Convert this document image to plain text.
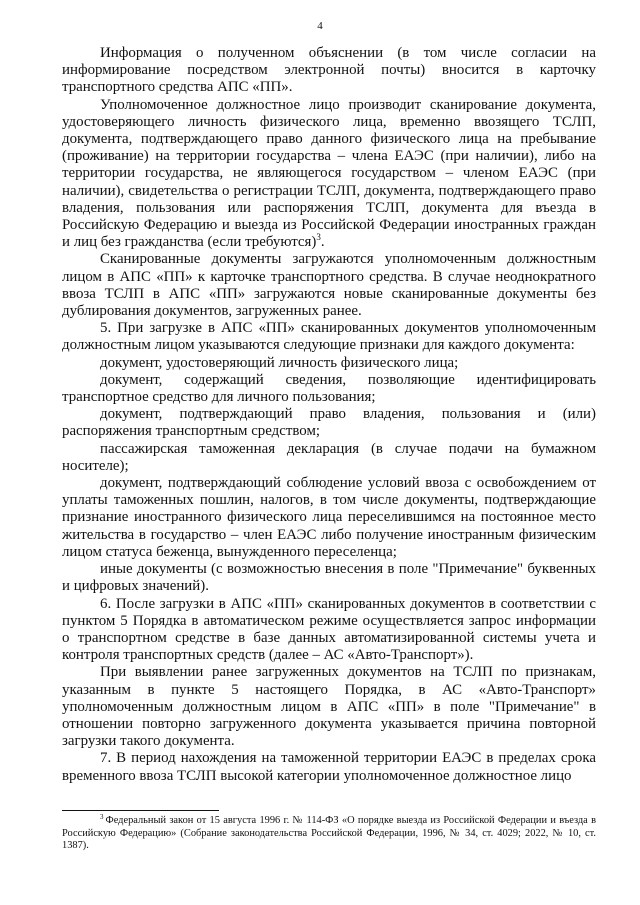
4

Информация о полученном объяснении (в том числе согласии на информирование посредством электронной почты) вносится в карточку транспортного средства АПС «ПП».

Уполномоченное должностное лицо производит сканирование документа, удостоверяющего личность физического лица, временно ввозящего ТСЛП, документа, подтверждающего право данного физического лица на пребывание (проживание) на территории государства – члена ЕАЭС (при наличии), либо на территории государства, не являющегося государством – членом ЕАЭС (при наличии), свидетельства о регистрации ТСЛП, документа, подтверждающего право владения, пользования или распоряжения ТСЛП, документа для въезда в Российскую Федерацию и выезда из Российской Федерации иностранных граждан и лиц без гражданства (если требуются)$^3$.

Сканированные документы загружаются уполномоченным должностным лицом в АПС «ПП» к карточке транспортного средства. В случае неоднократного ввоза ТСЛП в АПС «ПП» загружаются новые сканированные документы без дублирования документов, загруженных ранее.

5. При загрузке в АПС «ПП» сканированных документов уполномоченным должностным лицом указываются следующие признаки для каждого документа:

документ, удостоверяющий личность физического лица;

документ, содержащий сведения, позволяющие идентифицировать транспортное средство для личного пользования;

документ, подтверждающий право владения, пользования и (или) распоряжения транспортным средством;

пассажирская таможенная декларация (в случае подачи на бумажном носителе);

документ, подтверждающий соблюдение условий ввоза с освобождением от уплаты таможенных пошлин, налогов, в том числе документы, подтверждающие признание иностранного физического лица переселившимся на постоянное место жительства в государство – член ЕАЭС либо получение иностранным физическим лицом статуса беженца, вынужденного переселенца;

иные документы (с возможностью внесения в поле "Примечание" буквенных и цифровых значений).

6. После загрузки в АПС «ПП» сканированных документов в соответствии с пунктом 5 Порядка в автоматическом режиме осуществляется запрос информации о транспортном средстве в базе данных автоматизированной системы учета и контроля транспортных средств (далее – АС «Авто-Транспорт»).

При выявлении ранее загруженных документов на ТСЛП по признакам, указанным в пункте 5 настоящего Порядка, в АС «Авто-Транспорт» уполномоченным должностным лицом в АПС «ПП» в поле "Примечание" в отношении повторно загруженного документа указывается причина повторной загрузки такого документа.

7. В период нахождения на таможенной территории ЕАЭС в пределах срока временного ввоза ТСЛП высокой категории уполномоченное должностное лицо

$^3$ Федеральный закон от 15 августа 1996 г. № 114-ФЗ «О порядке выезда из Российской Федерации и въезда в Российскую Федерацию» (Собрание законодательства Российской Федерации, 1996, № 34, ст. 4029; 2022, № 10, ст. 1387).
